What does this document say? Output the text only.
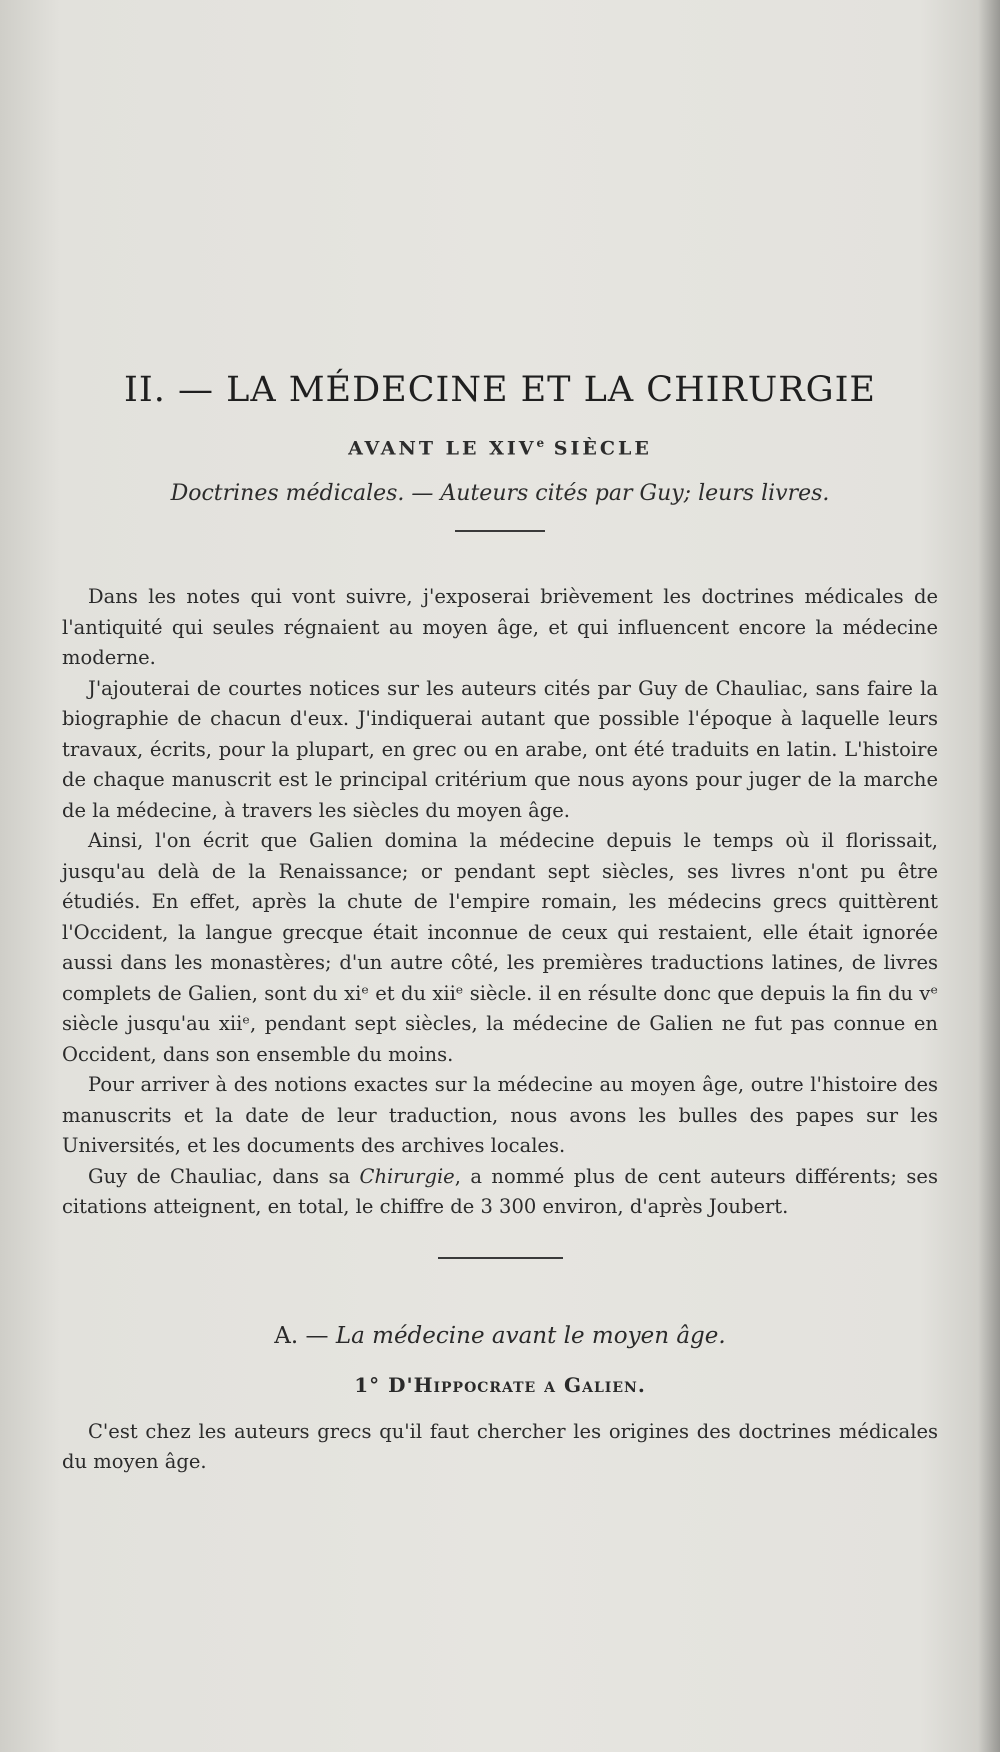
II. — LA MÉDECINE ET LA CHIRURGIE
AVANT LE XIVe SIÈCLE
Doctrines médicales. — Auteurs cités par Guy; leurs livres.

Dans les notes qui vont suivre, j'exposerai brièvement les doctrines médicales de l'antiquité qui seules régnaient au moyen âge, et qui influencent encore la médecine moderne.

J'ajouterai de courtes notices sur les auteurs cités par Guy de Chauliac, sans faire la biographie de chacun d'eux. J'indiquerai autant que possible l'époque à laquelle leurs travaux, écrits, pour la plupart, en grec ou en arabe, ont été traduits en latin. L'histoire de chaque manuscrit est le principal critérium que nous ayons pour juger de la marche de la médecine, à travers les siècles du moyen âge.

Ainsi, l'on écrit que Galien domina la médecine depuis le temps où il florissait, jusqu'au delà de la Renaissance; or pendant sept siècles, ses livres n'ont pu être étudiés. En effet, après la chute de l'empire romain, les médecins grecs quittèrent l'Occident, la langue grecque était inconnue de ceux qui restaient, elle était ignorée aussi dans les monastères; d'un autre côté, les premières traductions latines, de livres complets de Galien, sont du xiᵉ et du xiiᵉ siècle. il en résulte donc que depuis la fin du vᵉ siècle jusqu'au xiiᵉ, pendant sept siècles, la médecine de Galien ne fut pas connue en Occident, dans son ensemble du moins.

Pour arriver à des notions exactes sur la médecine au moyen âge, outre l'histoire des manuscrits et la date de leur traduction, nous avons les bulles des papes sur les Universités, et les documents des archives locales.

Guy de Chauliac, dans sa Chirurgie, a nommé plus de cent auteurs différents; ses citations atteignent, en total, le chiffre de 3 300 environ, d'après Joubert.

A. — La médecine avant le moyen âge.
1° D'Hippocrate a Galien.

C'est chez les auteurs grecs qu'il faut chercher les origines des doctrines médicales du moyen âge.
